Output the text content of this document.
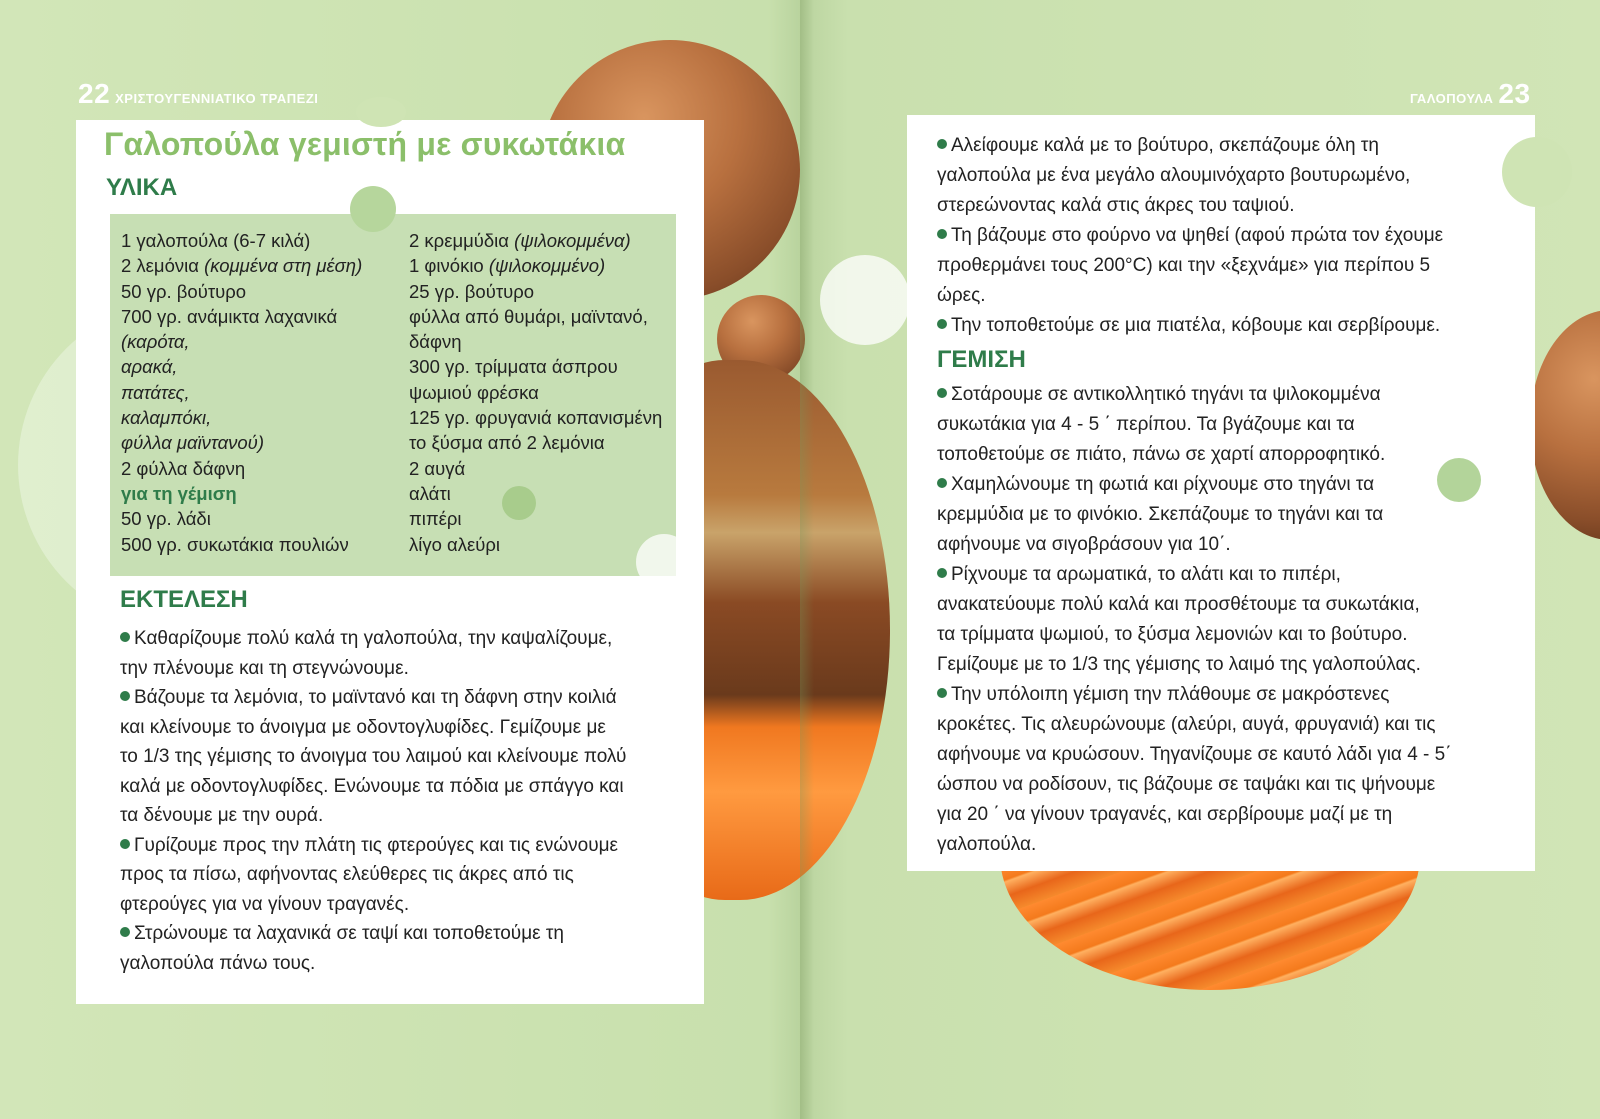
22 ΧΡΙΣΤΟΥΓΕΝΝΙΑΤΙΚΟ ΤΡΑΠΕΖΙ
Γαλοπούλα γεμιστή με συκωτάκια
ΥΛΙΚΑ
1 γαλοπούλα (6-7 κιλά)
2 λεμόνια (κομμένα στη μέση)
50 γρ. βούτυρο
700 γρ. ανάμικτα λαχανικά
(καρότα,
αρακά,
πατάτες,
καλαμπόκι,
φύλλα μαϊντανού)
2 φύλλα δάφνη
για τη γέμιση
50 γρ. λάδι
500 γρ. συκωτάκια πουλιών
2 κρεμμύδια (ψιλοκομμένα)
1 φινόκιο (ψιλοκομμένο)
25 γρ. βούτυρο
φύλλα από θυμάρι, μαϊντανό,
δάφνη
300 γρ. τρίμματα άσπρου
ψωμιού φρέσκα
125 γρ. φρυγανιά κοπανισμένη
το ξύσμα από 2 λεμόνια
2 αυγά
αλάτι
πιπέρι
λίγο αλεύρι
ΕΚΤΕΛΕΣΗ

Καθαρίζουμε πολύ καλά τη γαλοπούλα, την καψαλίζουμε,
την πλένουμε και τη στεγνώνουμε.

Βάζουμε τα λεμόνια, το μαϊντανό και τη δάφνη στην κοιλιά
και κλείνουμε το άνοιγμα με οδοντογλυφίδες. Γεμίζουμε με
το 1/3 της γέμισης το άνοιγμα του λαιμού και κλείνουμε πολύ
καλά με οδοντογλυφίδες. Ενώνουμε τα πόδια με σπάγγο και
τα δένουμε με την ουρά.

Γυρίζουμε προς την πλάτη τις φτερούγες και τις ενώνουμε
προς τα πίσω, αφήνοντας ελεύθερες τις άκρες από τις
φτερούγες για να γίνουν τραγανές.

Στρώνουμε τα λαχανικά σε ταψί και τοποθετούμε τη
γαλοπούλα πάνω τους.

ΓΑΛΟΠΟΥΛΑ 23

Αλείφουμε καλά με το βούτυρο, σκεπάζουμε όλη τη
γαλοπούλα με ένα μεγάλο αλουμινόχαρτο βουτυρωμένο,
στερεώνοντας καλά στις άκρες του ταψιού.

Τη βάζουμε στο φούρνο να ψηθεί (αφού πρώτα τον έχουμε
προθερμάνει τους 200°C) και την «ξεχνάμε» για περίπου 5
ώρες.

Την τοποθετούμε σε μια πιατέλα, κόβουμε και σερβίρουμε.

ΓΕΜΙΣΗ

Σοτάρουμε σε αντικολλητικό τηγάνι τα ψιλοκομμένα
συκωτάκια για 4 - 5 ΄ περίπου. Τα βγάζουμε και τα
τοποθετούμε σε πιάτο, πάνω σε χαρτί απορροφητικό.

Χαμηλώνουμε τη φωτιά και ρίχνουμε στο τηγάνι τα
κρεμμύδια με το φινόκιο. Σκεπάζουμε το τηγάνι και τα
αφήνουμε να σιγοβράσουν για 10΄.

Ρίχνουμε τα αρωματικά, το αλάτι και το πιπέρι,
ανακατεύουμε πολύ καλά και προσθέτουμε τα συκωτάκια,
τα τρίμματα ψωμιού, το ξύσμα λεμονιών και το βούτυρο.
Γεμίζουμε με το 1/3 της γέμισης το λαιμό της γαλοπούλας.

Την υπόλοιπη γέμιση την πλάθουμε σε μακρόστενες
κροκέτες. Τις αλευρώνουμε (αλεύρι, αυγά, φρυγανιά) και τις
αφήνουμε να κρυώσουν. Τηγανίζουμε σε καυτό λάδι για 4 - 5΄
ώσπου να ροδίσουν, τις βάζουμε σε ταψάκι και τις ψήνουμε
για 20 ΄ να γίνουν τραγανές, και σερβίρουμε μαζί με τη
γαλοπούλα.
